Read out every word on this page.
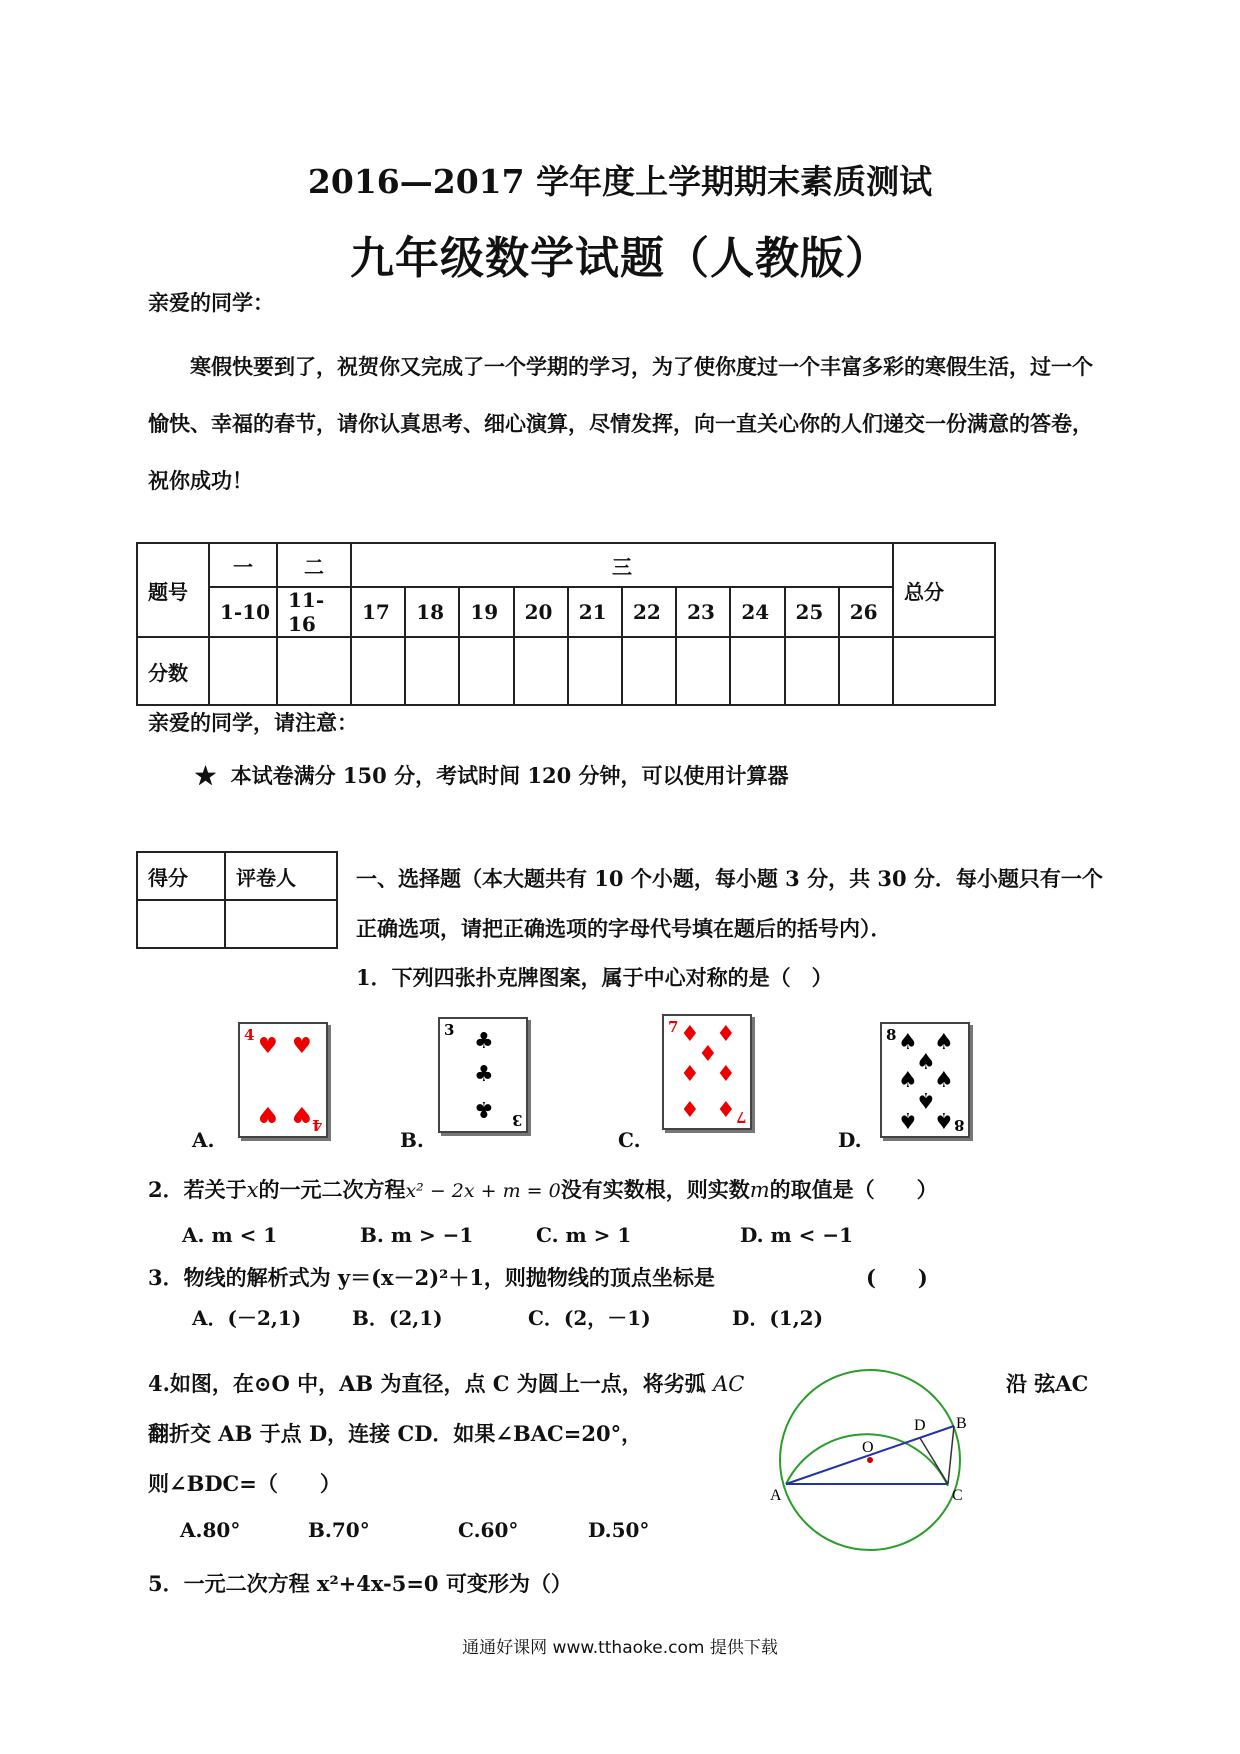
2016—2017 学年度上学期期末素质测试
九年级数学试题（人教版）
亲爱的同学：
寒假快要到了，祝贺你又完成了一个学期的学习，为了使你度过一个丰富多彩的寒假生活，过一个愉快、幸福的春节，请你认真思考、细心演算，尽情发挥，向一直关心你的人们递交一份满意的答卷，祝你成功！
题号	一	二	三										总分
	1-10	11-16	17	18	19	20	21	22	23	24	25	26	
分数													
亲爱的同学，请注意：
★ 本试卷满分 150 分，考试时间 120 分钟，可以使用计算器
得分	评卷人
		一、选择题（本大题共有 10 个小题，每小题 3 分，共 30 分．每小题只有一个
正确选项，请把正确选项的字母代号填在题后的括号内）．
1．下列四张扑克牌图案，属于中心对称的是（　）
A.	B.	C.	D.
4 ♥ ♥
♥ ♥ 4
3 ♣
♣
♣ 3
7 ♦ ♦
♦
♦ ♦
♦ ♦ 7
8 ♠ ♠
♠
♠ ♠
♠
♠ ♠ 8
2．若关于x的一元二次方程x² − 2x + m = 0没有实数根，则实数m的取值是（　　）
A. m < 1	B. m > −1	C. m > 1	D. m < −1
3．物线的解析式为 y＝(x－2)²＋1，则抛物线的顶点坐标是	(　　)
A．(－2,1)	B．(2,1)	C．(2，－1)	D．(1,2)
4.如图，在⊙O 中，AB 为直径，点 C 为圆上一点，将劣弧 AC	沿 弦AC
翻折交 AB 于点 D，连接 CD．如果∠BAC=20°，
则∠BDC=（　　）
A.80°	B.70°	C.60°	D.50°
O
D B
A	C
5．一元二次方程 x²+4x-5=0 可变形为（）
通通好课网 www.tthaoke.com 提供下载
